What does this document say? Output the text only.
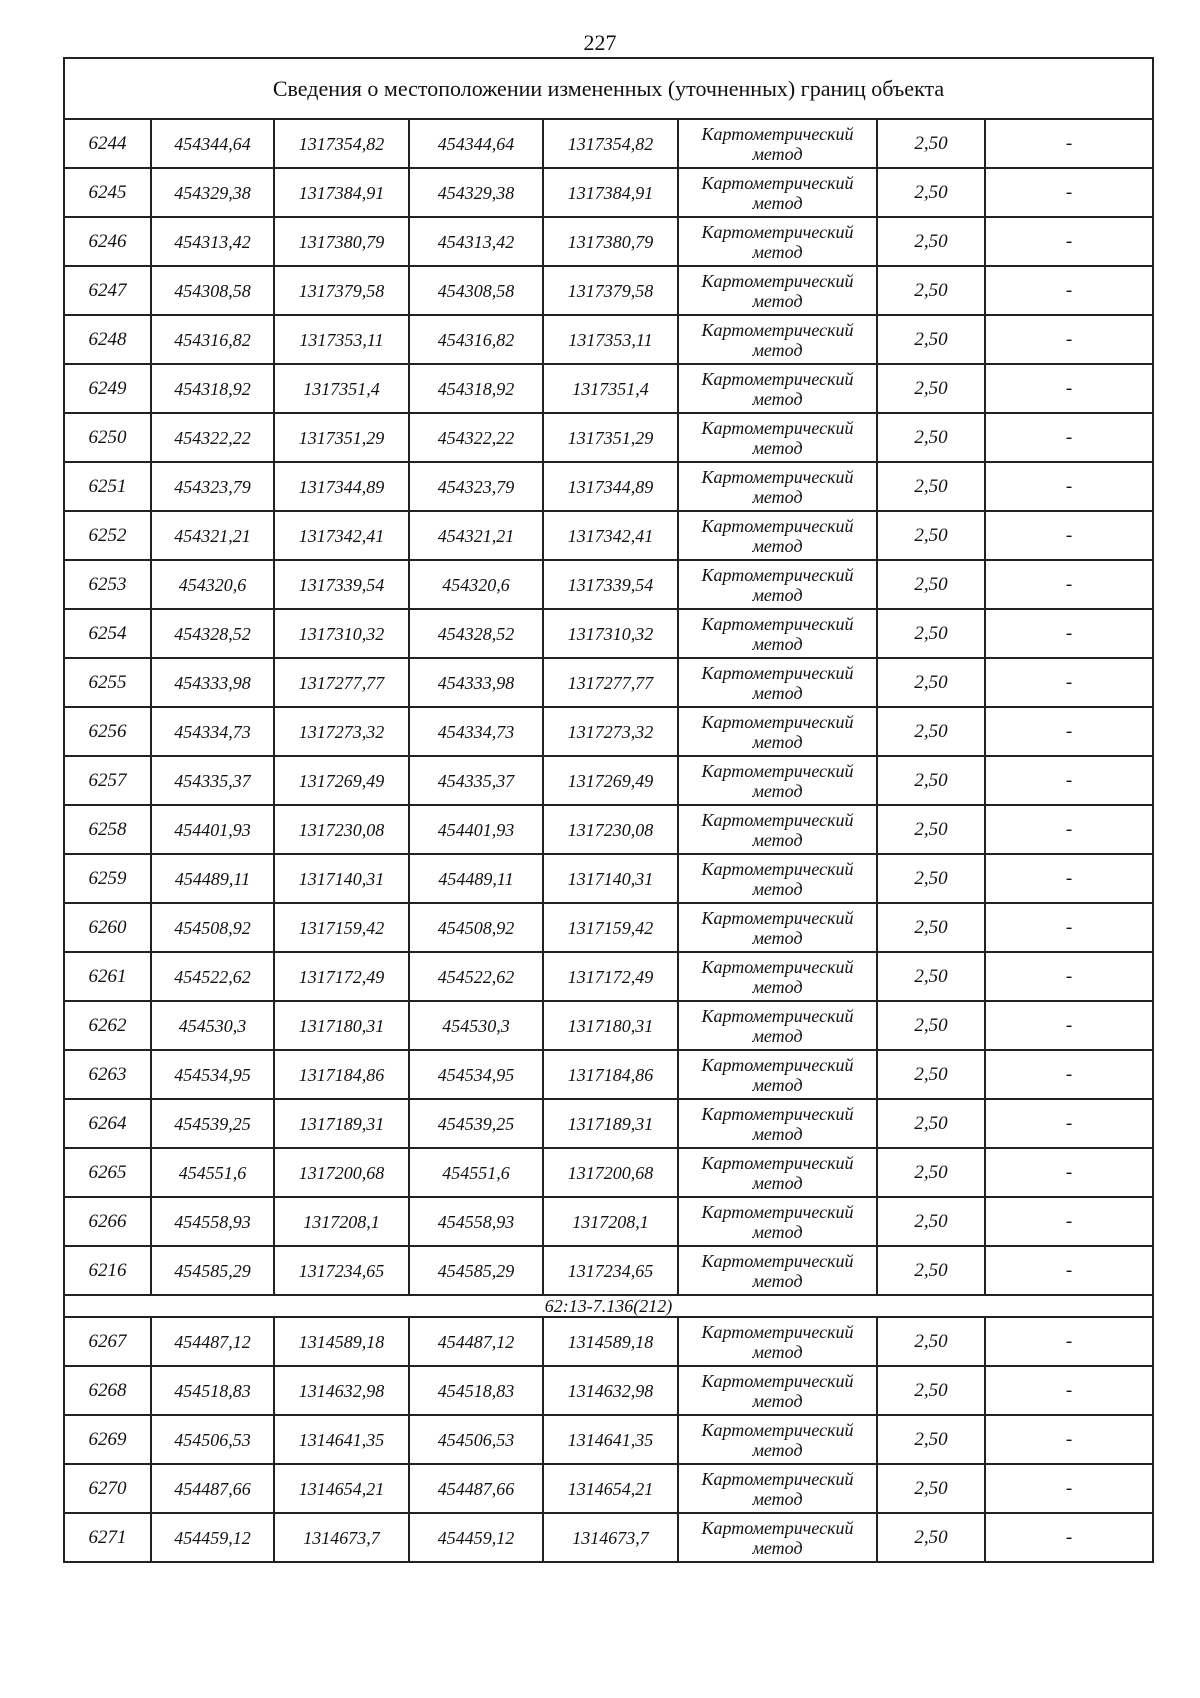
227
Сведения о местоположении измененных (уточненных) границ объекта							
6244	454344,64	1317354,82	454344,64	1317354,82	Картометрический метод	2,50	-
6245	454329,38	1317384,91	454329,38	1317384,91	Картометрический метод	2,50	-
6246	454313,42	1317380,79	454313,42	1317380,79	Картометрический метод	2,50	-
6247	454308,58	1317379,58	454308,58	1317379,58	Картометрический метод	2,50	-
6248	454316,82	1317353,11	454316,82	1317353,11	Картометрический метод	2,50	-
6249	454318,92	1317351,4	454318,92	1317351,4	Картометрический метод	2,50	-
6250	454322,22	1317351,29	454322,22	1317351,29	Картометрический метод	2,50	-
6251	454323,79	1317344,89	454323,79	1317344,89	Картометрический метод	2,50	-
6252	454321,21	1317342,41	454321,21	1317342,41	Картометрический метод	2,50	-
6253	454320,6	1317339,54	454320,6	1317339,54	Картометрический метод	2,50	-
6254	454328,52	1317310,32	454328,52	1317310,32	Картометрический метод	2,50	-
6255	454333,98	1317277,77	454333,98	1317277,77	Картометрический метод	2,50	-
6256	454334,73	1317273,32	454334,73	1317273,32	Картометрический метод	2,50	-
6257	454335,37	1317269,49	454335,37	1317269,49	Картометрический метод	2,50	-
6258	454401,93	1317230,08	454401,93	1317230,08	Картометрический метод	2,50	-
6259	454489,11	1317140,31	454489,11	1317140,31	Картометрический метод	2,50	-
6260	454508,92	1317159,42	454508,92	1317159,42	Картометрический метод	2,50	-
6261	454522,62	1317172,49	454522,62	1317172,49	Картометрический метод	2,50	-
6262	454530,3	1317180,31	454530,3	1317180,31	Картометрический метод	2,50	-
6263	454534,95	1317184,86	454534,95	1317184,86	Картометрический метод	2,50	-
6264	454539,25	1317189,31	454539,25	1317189,31	Картометрический метод	2,50	-
6265	454551,6	1317200,68	454551,6	1317200,68	Картометрический метод	2,50	-
6266	454558,93	1317208,1	454558,93	1317208,1	Картометрический метод	2,50	-
6216	454585,29	1317234,65	454585,29	1317234,65	Картометрический метод	2,50	-
62:13-7.136(212)							
6267	454487,12	1314589,18	454487,12	1314589,18	Картометрический метод	2,50	-
6268	454518,83	1314632,98	454518,83	1314632,98	Картометрический метод	2,50	-
6269	454506,53	1314641,35	454506,53	1314641,35	Картометрический метод	2,50	-
6270	454487,66	1314654,21	454487,66	1314654,21	Картометрический метод	2,50	-
6271	454459,12	1314673,7	454459,12	1314673,7	Картометрический метод	2,50	-
